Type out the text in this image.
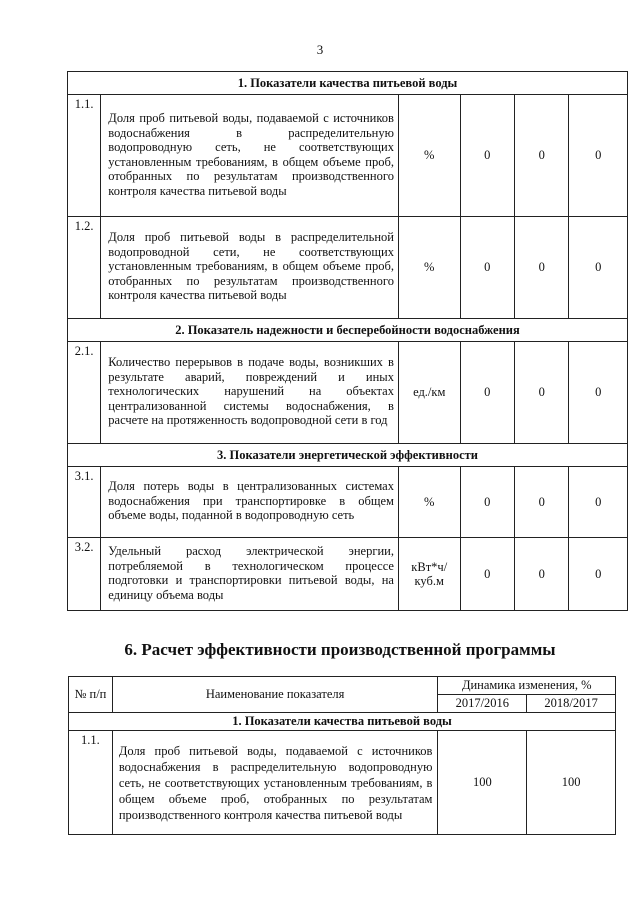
3
1. Показатели качества питьевой воды					
1.1.	Доля проб питьевой воды, подаваемой с источников водоснабжения в распределительную водопроводную сеть, не соответствующих установленным требованиям, в общем объеме проб, отобранных по результатам производственного контроля качества питьевой воды	%	0	0	0
1.2.	Доля проб питьевой воды в распределительной водопроводной сети, не соответствующих установленным требованиям, в общем объеме проб, отобранных по результатам производственного контроля качества питьевой воды	%	0	0	0
2. Показатель надежности и бесперебойности водоснабжения					
2.1.	Количество перерывов в подаче воды, возникших в результате аварий, повреждений и иных технологических нарушений на объектах централизованной системы водоснабжения, в расчете на протяженность водопроводной сети в год	ед./км	0	0	0
3. Показатели энергетической эффективности					
3.1.	Доля потерь воды в централизованных системах водоснабжения при транспортировке в общем объеме воды, поданной в водопроводную сеть	%	0	0	0
3.2.	Удельный расход электрической энергии, потребляемой в технологическом процессе подготовки и транспортировки питьевой воды, на единицу объема воды	кВт*ч/ куб.м	0	0	0
6. Расчет эффективности производственной программы
№ п/п	Наименование показателя	Динамика изменения, %	
		2017/2016	2018/2017
1. Показатели качества питьевой воды			
1.1.	Доля проб питьевой воды, подаваемой с источников водоснабжения в распределительную водопроводную сеть, не соответствующих установленным требованиям, в общем объеме проб, отобранных по результатам производственного контроля качества питьевой воды	100	100
